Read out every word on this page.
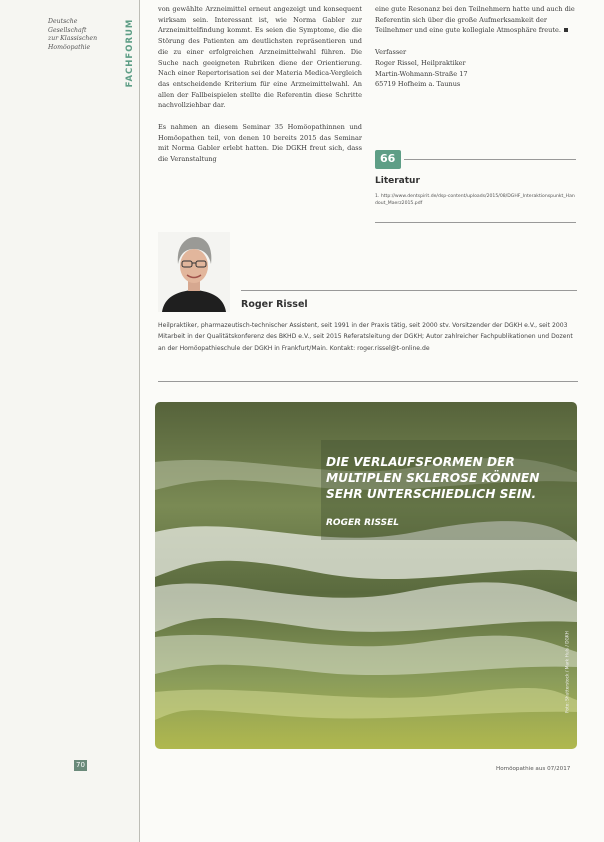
Deutsche
Gesellschaft
zur Klassischen
Homöopathie	FACHFORUM
70

von gewählte Arzneimittel erneut angezeigt und konsequent wirksam sein. Interessant ist, wie Norma Gabler zur Arzneimittelfindung kommt. Es seien die Symptome, die die Störung des Patienten am deutlichsten repräsentieren und die zu einer erfolgreichen Arzneimittelwahl führen. Die Suche nach geeigneten Rubriken diene der Orientierung. Nach einer Repertorisation sei der Materia Medica-Vergleich das entscheidende Kriterium für eine Arzneimittelwahl. An allen der Fallbeispielen stellte die Referentin diese Schritte nachvollziehbar dar.

Es nahmen an diesem Seminar 35 Homöopathinnen und Homöopathen teil, von denen 10 bereits 2015 das Seminar mit Norma Gabler erlebt hatten. Die DGKH freut sich, dass die Veranstaltung

eine gute Resonanz bei den Teilnehmern hatte und auch die Referentin sich über die große Aufmerksamkeit der Teilnehmer und eine gute kollegiale Atmosphäre freute.

Verfasser

Roger Rissel, Heilpraktiker

Martin-Wohmann-Straße 17

65719 Hofheim a. Taunus

66
Literatur
1. http://www.dentspirit.de/dsp-content/uploads/2015/08/DGHF_Interaktionspunkt_Handout_Maerz2015.pdf
Roger Rissel
Heilpraktiker, pharmazeutisch-technischer Assistent, seit 1991 in der Praxis tätig, seit 2000 stv. Vorsitzender der DGKH e.V., seit 2003 Mitarbeit in der Qualitätskonferenz des BKHD e.V., seit 2015 Referatsleitung der DGKH; Autor zahlreicher Fachpublikationen und Dozent an der Homöopathieschule der DGKH in Frankfurt/Main. Kontakt: roger.rissel@t-online.de
DIE VERLAUFSFORMEN DER MULTIPLEN SKLEROSE KÖNNEN SEHR UNTERSCHIEDLICH SEIN.
ROGER RISSEL
Foto: Shutterstock / Mark Huls / DGKH
Homöopathie aus 07/2017
